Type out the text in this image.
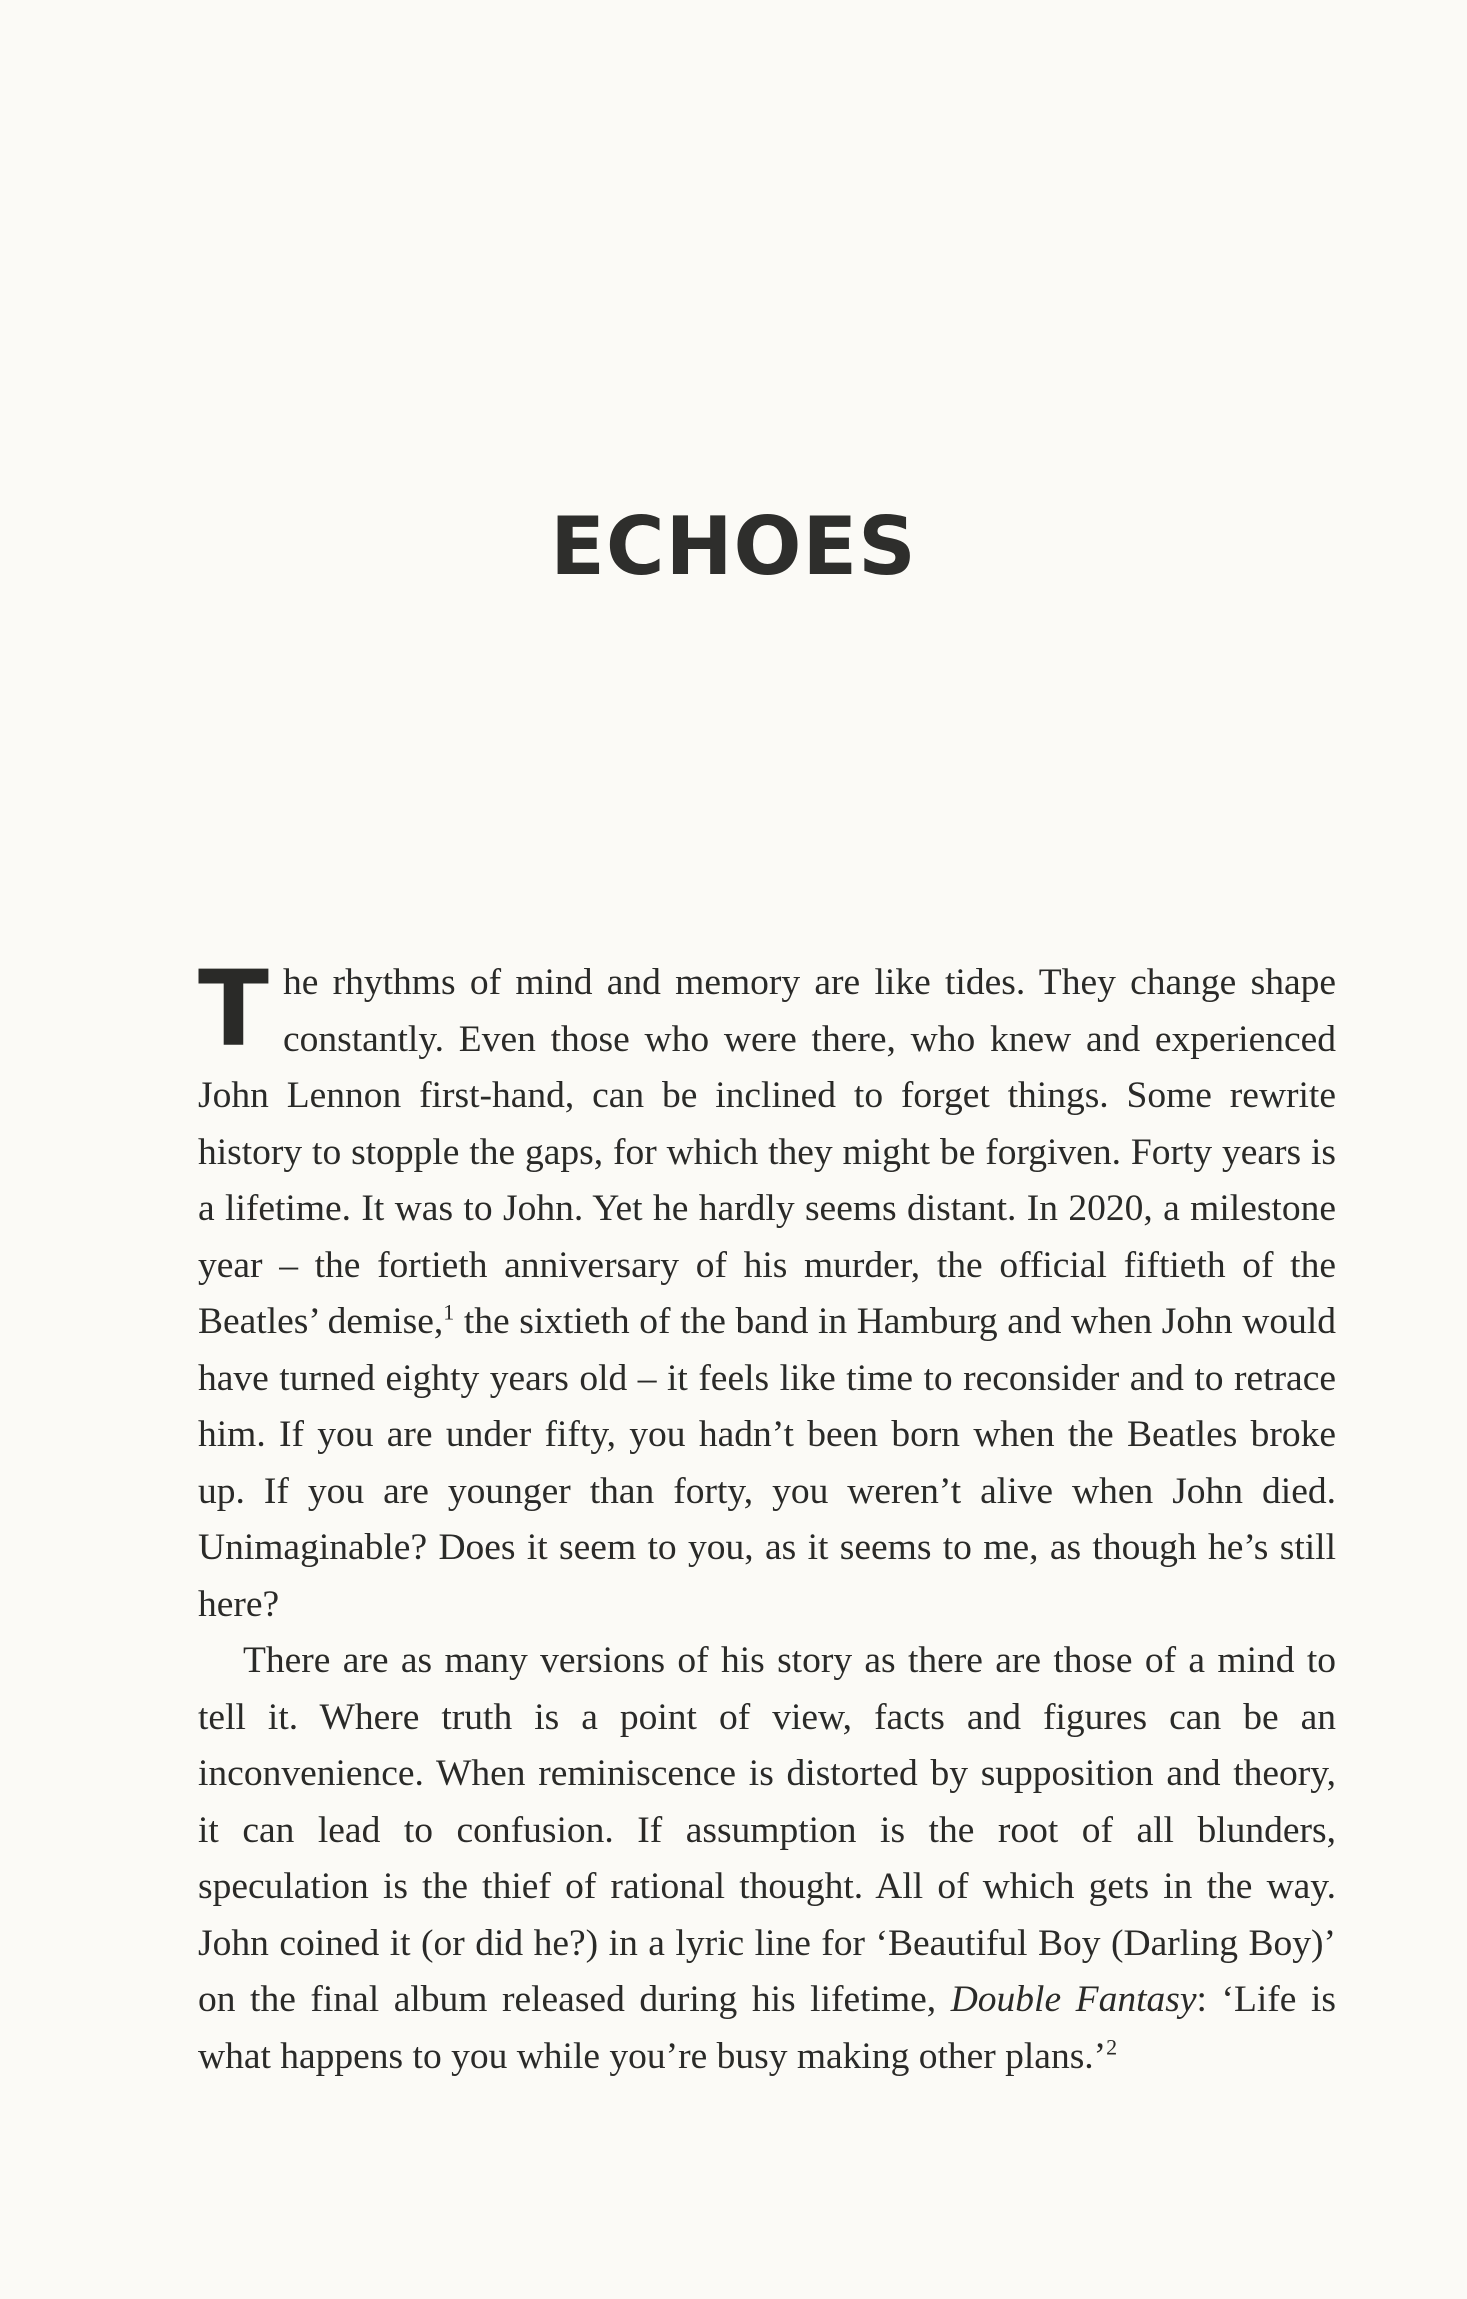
ECHOES

The rhythms of mind and memory are like tides. They change shape constantly. Even those who were there, who knew and experienced John Lennon first-hand, can be inclined to forget things. Some rewrite history to stopple the gaps, for which they might be forgiven. Forty years is a lifetime. It was to John. Yet he hardly seems distant. In 2020, a milestone year – the fortieth anniversary of his murder, the official fiftieth of the Beatles’ demise,$^1$ the sixtieth of the band in Hamburg and when John would have turned eighty years old – it feels like time to reconsider and to retrace him. If you are under fifty, you hadn’t been born when the Beatles broke up. If you are younger than forty, you weren’t alive when John died. Unimaginable? Does it seem to you, as it seems to me, as though he’s still here?

There are as many versions of his story as there are those of a mind to tell it. Where truth is a point of view, facts and figures can be an inconvenience. When reminiscence is distorted by supposition and theory, it can lead to confusion. If assumption is the root of all blunders, speculation is the thief of rational thought. All of which gets in the way. John coined it (or did he?) in a lyric line for ‘Beautiful Boy (Darling Boy)’ on the final album released during his lifetime, Double Fantasy: ‘Life is what happens to you while you’re busy making other plans.’$^2$
